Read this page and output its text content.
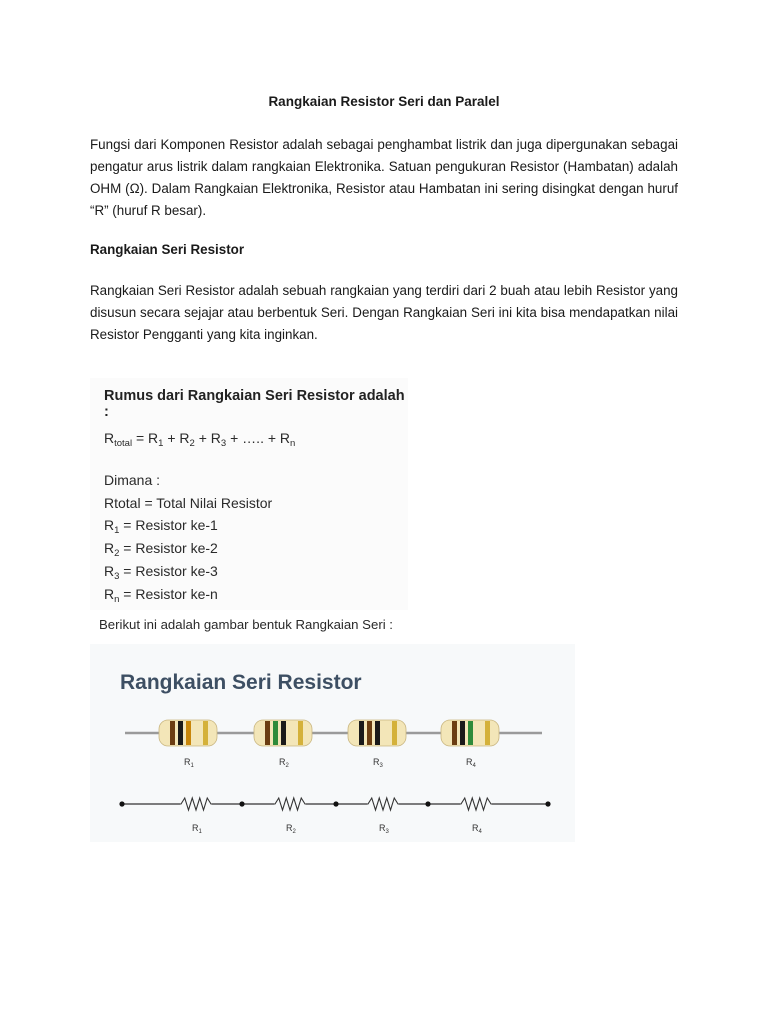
Rangkaian Resistor Seri dan Paralel

Fungsi dari Komponen Resistor adalah sebagai penghambat listrik dan juga dipergunakan sebagai pengatur arus listrik dalam rangkaian Elektronika. Satuan pengukuran Resistor (Hambatan) adalah OHM (Ω). Dalam Rangkaian Elektronika, Resistor atau Hambatan ini sering disingkat dengan huruf “R” (huruf R besar).

Rangkaian Seri Resistor

Rangkaian Seri Resistor adalah sebuah rangkaian yang terdiri dari 2 buah atau lebih Resistor yang disusun secara sejajar atau berbentuk Seri. Dengan Rangkaian Seri ini kita bisa mendapatkan nilai Resistor Pengganti yang kita inginkan.

Rumus dari Rangkaian Seri Resistor adalah :
$R_{total} = R_1 + R_2 + R_3$ + ….. + $R_n$
Dimana :
Rtotal = Total Nilai Resistor
$R_1$ = Resistor ke-1
$R_2$ = Resistor ke-2
$R_3$ = Resistor ke-3
$R_n$ = Resistor ke-n
Berikut ini adalah gambar bentuk Rangkaian Seri :
Rangkaian Seri Resistor
$R_1$	$R_2$	$R_3$	$R_4$
$R_1$	$R_2$	$R_3$	$R_4$
